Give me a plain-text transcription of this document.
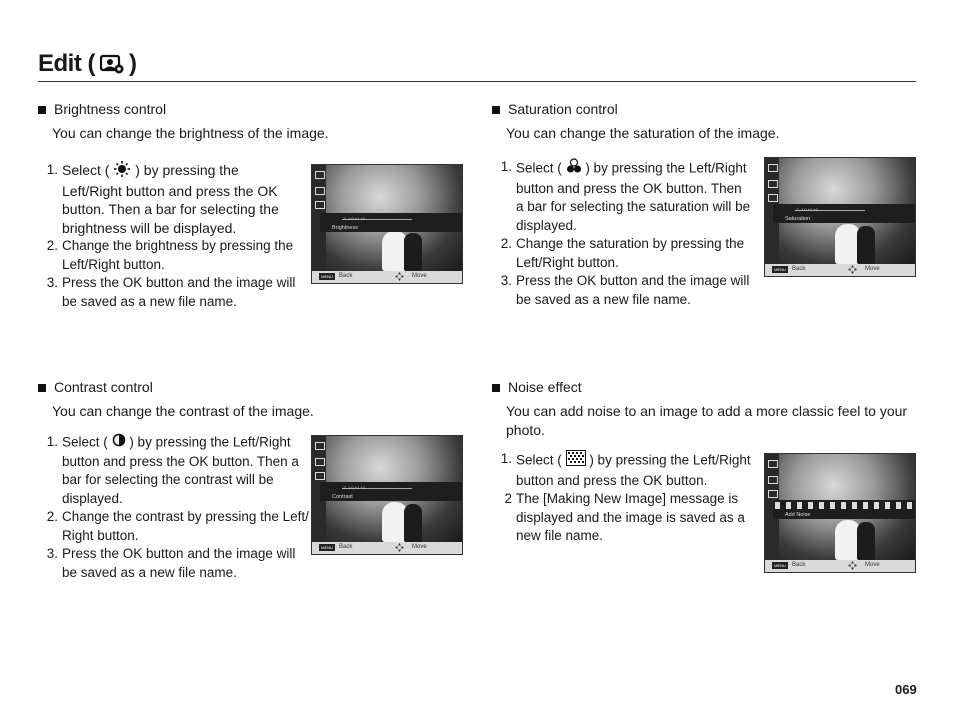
Edit ( )
Brightness control
You can change the brightness of the image.
1. Select ( ) by pressing the Left/Right button and press the OK button. Then a bar for selecting the brightness will be displayed.
2. Change the brightness by pressing the Left/Right button.
3. Press the OK button and the image will be saved as a new file name.
-2 -1 0 +1 +2
Brightness
MENU	Back	Move
Saturation control
You can change the saturation of the image.
1. Select ( ) by pressing the Left/Right button and press the OK button. Then a bar for selecting the saturation will be displayed.
2. Change the saturation by pressing the Left/Right button.
3. Press the OK button and the image will be saved as a new file name.
-2 -1 0 +1 +2
Saturation
MENU	Back	Move
Contrast control
You can change the contrast of the image.
1. Select ( ) by pressing the Left/Right button and press the OK button. Then a bar for selecting the contrast will be displayed.
2. Change the contrast by pressing the Left/ Right button.
3. Press the OK button and the image will be saved as a new file name.
-2 -1 0 +1 +2
Contrast
MENU	Back	Move
Noise effect
You can add noise to an image to add a more classic feel to your photo.
1. Select ( ) by pressing the Left/Right button and press the OK button.
2 The [Making New Image] message is displayed and the image is saved as a new file name.
Add Noise
MENU	Back	Move
069
